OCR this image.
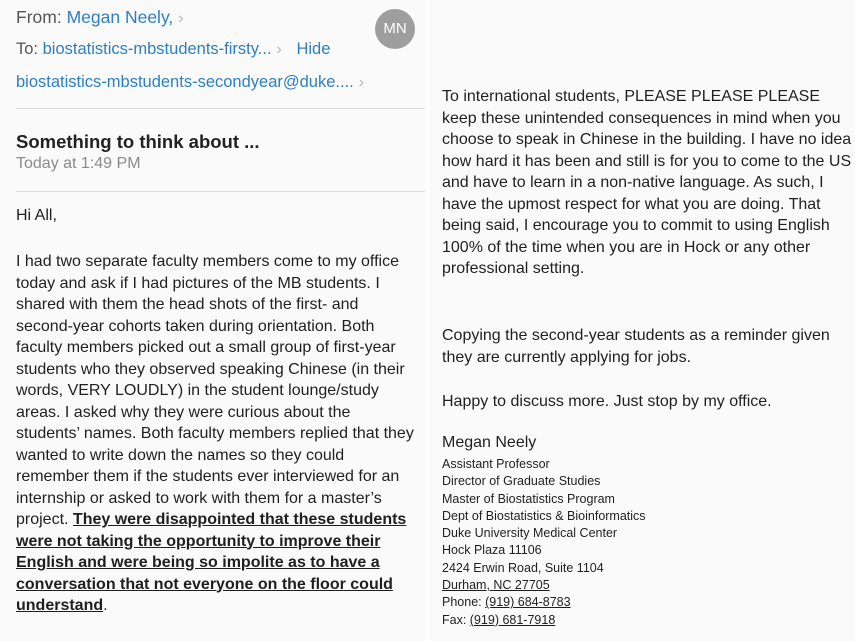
From: Megan Neely, ›
MN
To: biostatistics-mbstudents-firsty... › Hide
biostatistics-mbstudents-secondyear@duke.... ›
Something to think about ...
Today at 1:49 PM
Hi All,

I had two separate faculty members come to my office today and ask if I had pictures of the MB students. I shared with them the head shots of the first- and second-year cohorts taken during orientation. Both faculty members picked out a small group of first-year students who they observed speaking Chinese (in their words, VERY LOUDLY) in the student lounge/study areas. I asked why they were curious about the students’ names. Both faculty members replied that they wanted to write down the names so they could remember them if the students ever interviewed for an internship or asked to work with them for a master’s project. They were disappointed that these students were not taking the opportunity to improve their English and were being so impolite as to have a conversation that not everyone on the floor could understand.

To international students, PLEASE PLEASE PLEASE keep these unintended consequences in mind when you choose to speak in Chinese in the building. I have no idea how hard it has been and still is for you to come to the US and have to learn in a non-native language. As such, I have the upmost respect for what you are doing. That being said, I encourage you to commit to using English 100% of the time when you are in Hock or any other professional setting.

Copying the second-year students as a reminder given they are currently applying for jobs.

Happy to discuss more. Just stop by my office.

Megan Neely
Assistant Professor
Director of Graduate Studies
Master of Biostatistics Program
Dept of Biostatistics & Bioinformatics
Duke University Medical Center
Hock Plaza 11106
2424 Erwin Road, Suite 1104
Durham, NC 27705
Phone: (919) 684-8783
Fax: (919) 681-7918
